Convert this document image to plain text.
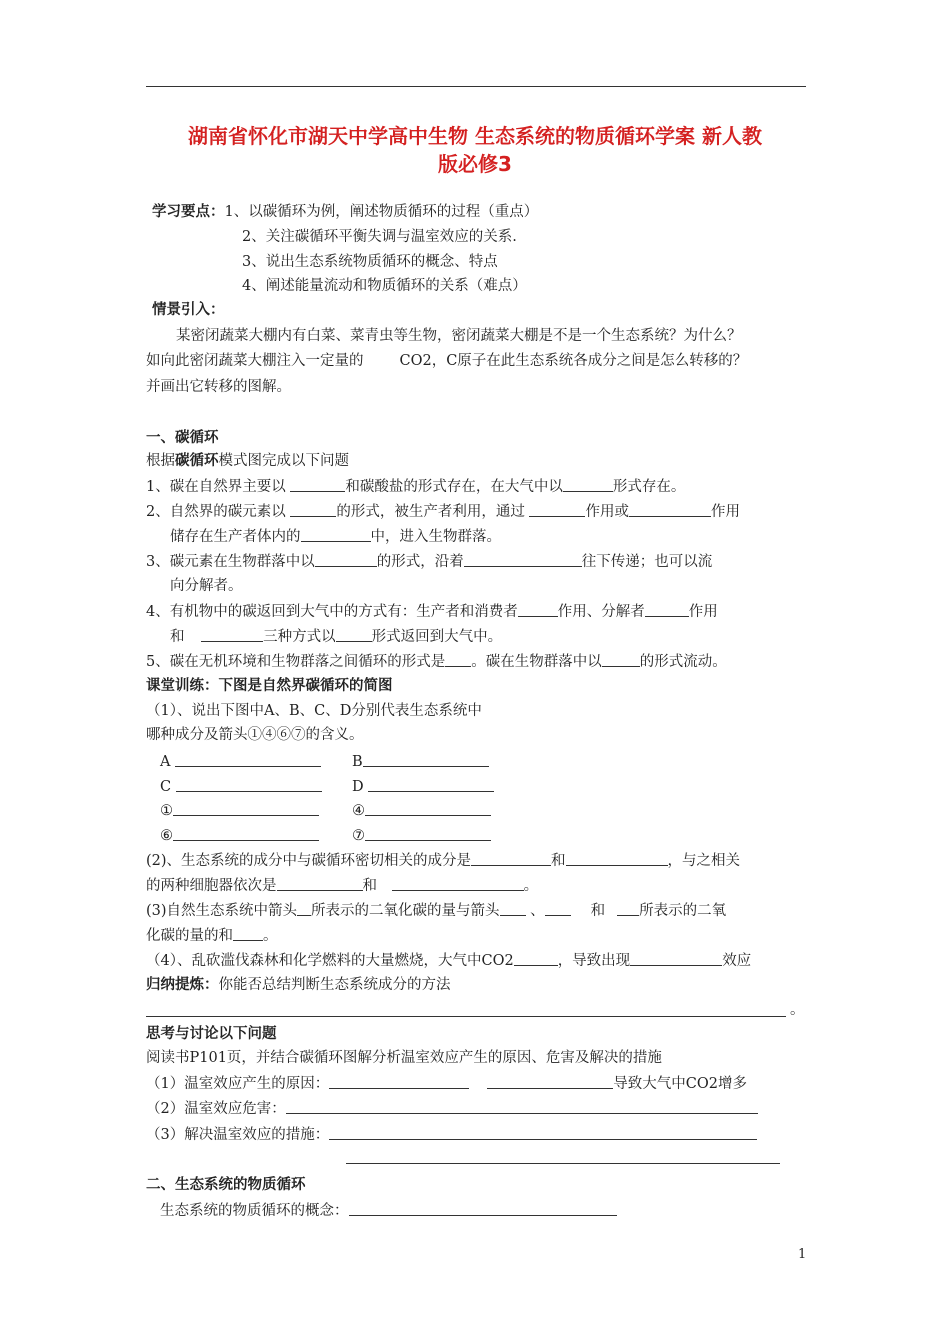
湖南省怀化市湖天中学高中生物 生态系统的物质循环学案 新人教
版必修3
学习要点：1、以碳循环为例，阐述物质循环的过程（重点）
2、关注碳循环平衡失调与温室效应的关系.
3、说出生态系统物质循环的概念、特点
4、阐述能量流动和物质循环的关系（难点）
情景引入：
某密闭蔬菜大棚内有白菜、菜青虫等生物，密闭蔬菜大棚是不是一个生态系统？为什么？
如向此密闭蔬菜大棚注入一定量的 CO2，C原子在此生态系统各成分之间是怎么转移的？
并画出它转移的图解。
一、碳循环
根据碳循环模式图完成以下问题
1、碳在自然界主要以	和碳酸盐的形式存在，在大气中以	形式存在。
2、自然界的碳元素以	的形式，被生产者利用，通过	作用或	作用
储存在生产者体内的	中，进入生物群落。
3、碳元素在生物群落中以	的形式，沿着	往下传递；也可以流
向分解者。
4、有机物中的碳返回到大气中的方式有：生产者和消费者	作用、分解者	作用
和	三种方式以 形式返回到大气中。
5、碳在无机环境和生物群落之间循环的形式是 。碳在生物群落中以	的形式流动。
课堂训练：下图是自然界碳循环的简图
（1）、说出下图中A、B、C、D分别代表生态系统中
哪种成分及箭头①④⑥⑦的含义。
A	B
C	D
①	④
⑥	⑦
(2)、生态系统的成分中与碳循环密切相关的成分是	和	，与之相关
的两种细胞器依次是	和	。
(3)自然生态系统中箭头 所表示的二氧化碳的量与箭头 、	和 所表示的二氧
化碳的量的和 。
（4）、乱砍滥伐森林和化学燃料的大量燃烧，大气中CO2	，导致出现	效应
归纳提炼：你能否总结判断生态系统成分的方法
。
思考与讨论以下问题
阅读书P101页，并结合碳循环图解分析温室效应产生的原因、危害及解决的措施
（1）温室效应产生的原因：	导致大气中CO2增多
（2）温室效应危害：
（3）解决温室效应的措施：
二、生态系统的物质循环
生态系统的物质循环的概念：
1
